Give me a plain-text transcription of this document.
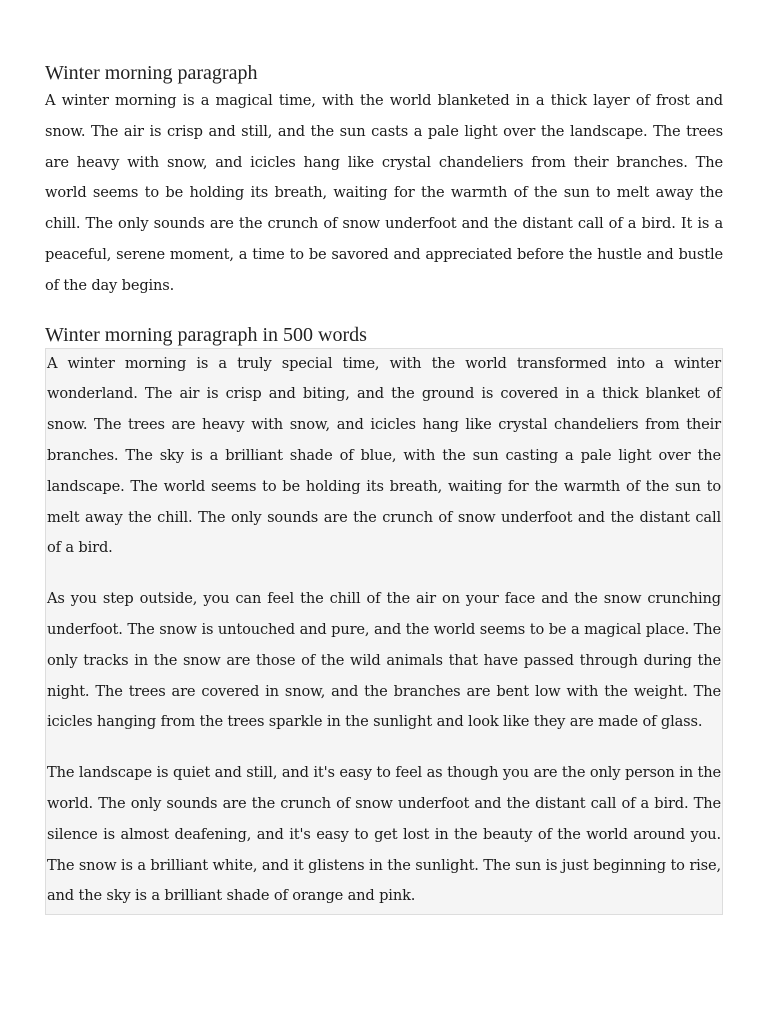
Winter morning paragraph

A winter morning is a magical time, with the world blanketed in a thick layer of frost and snow. The air is crisp and still, and the sun casts a pale light over the landscape. The trees are heavy with snow, and icicles hang like crystal chandeliers from their branches. The world seems to be holding its breath, waiting for the warmth of the sun to melt away the chill. The only sounds are the crunch of snow underfoot and the distant call of a bird. It is a peaceful, serene moment, a time to be savored and appreciated before the hustle and bustle of the day begins.

Winter morning paragraph in 500 words

A winter morning is a truly special time, with the world transformed into a winter wonderland. The air is crisp and biting, and the ground is covered in a thick blanket of snow. The trees are heavy with snow, and icicles hang like crystal chandeliers from their branches. The sky is a brilliant shade of blue, with the sun casting a pale light over the landscape. The world seems to be holding its breath, waiting for the warmth of the sun to melt away the chill. The only sounds are the crunch of snow underfoot and the distant call of a bird.

As you step outside, you can feel the chill of the air on your face and the snow crunching underfoot. The snow is untouched and pure, and the world seems to be a magical place. The only tracks in the snow are those of the wild animals that have passed through during the night. The trees are covered in snow, and the branches are bent low with the weight. The icicles hanging from the trees sparkle in the sunlight and look like they are made of glass.

The landscape is quiet and still, and it's easy to feel as though you are the only person in the world. The only sounds are the crunch of snow underfoot and the distant call of a bird. The silence is almost deafening, and it's easy to get lost in the beauty of the world around you. The snow is a brilliant white, and it glistens in the sunlight. The sun is just beginning to rise, and the sky is a brilliant shade of orange and pink.
